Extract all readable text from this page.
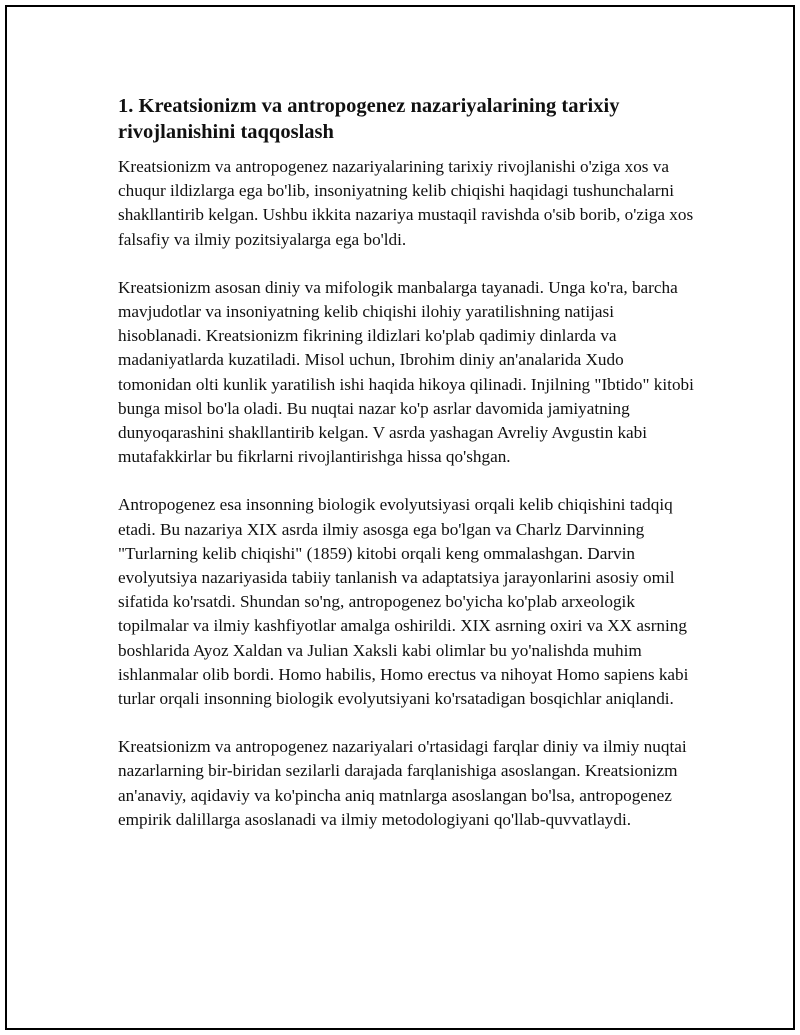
1. Kreatsionizm va antropogenez nazariyalarining tarixiy rivojlanishini taqqoslash

Kreatsionizm va antropogenez nazariyalarining tarixiy rivojlanishi o'ziga xos va chuqur ildizlarga ega bo'lib, insoniyatning kelib chiqishi haqidagi tushunchalarni shakllantirib kelgan. Ushbu ikkita nazariya mustaqil ravishda o'sib borib, o'ziga xos falsafiy va ilmiy pozitsiyalarga ega bo'ldi.

Kreatsionizm asosan diniy va mifologik manbalarga tayanadi. Unga ko'ra, barcha mavjudotlar va insoniyatning kelib chiqishi ilohiy yaratilishning natijasi hisoblanadi. Kreatsionizm fikrining ildizlari ko'plab qadimiy dinlarda va madaniyatlarda kuzatiladi. Misol uchun, Ibrohim diniy an'analarida Xudo tomonidan olti kunlik yaratilish ishi haqida hikoya qilinadi. Injilning "Ibtido" kitobi bunga misol bo'la oladi. Bu nuqtai nazar ko'p asrlar davomida jamiyatning dunyoqarashini shakllantirib kelgan. V asrda yashagan Avreliy Avgustin kabi mutafakkirlar bu fikrlarni rivojlantirishga hissa qo'shgan.

Antropogenez esa insonning biologik evolyutsiyasi orqali kelib chiqishini tadqiq etadi. Bu nazariya XIX asrda ilmiy asosga ega bo'lgan va Charlz Darvinning "Turlarning kelib chiqishi" (1859) kitobi orqali keng ommalashgan. Darvin evolyutsiya nazariyasida tabiiy tanlanish va adaptatsiya jarayonlarini asosiy omil sifatida ko'rsatdi. Shundan so'ng, antropogenez bo'yicha ko'plab arxeologik topilmalar va ilmiy kashfiyotlar amalga oshirildi. XIX asrning oxiri va XX asrning boshlarida Ayoz Xaldan va Julian Xaksli kabi olimlar bu yo'nalishda muhim ishlanmalar olib bordi. Homo habilis, Homo erectus va nihoyat Homo sapiens kabi turlar orqali insonning biologik evolyutsiyani ko'rsatadigan bosqichlar aniqlandi.

Kreatsionizm va antropogenez nazariyalari o'rtasidagi farqlar diniy va ilmiy nuqtai nazarlarning bir-biridan sezilarli darajada farqlanishiga asoslangan. Kreatsionizm an'anaviy, aqidaviy va ko'pincha aniq matnlarga asoslangan bo'lsa, antropogenez empirik dalillarga asoslanadi va ilmiy metodologiyani qo'llab-quvvatlaydi.
